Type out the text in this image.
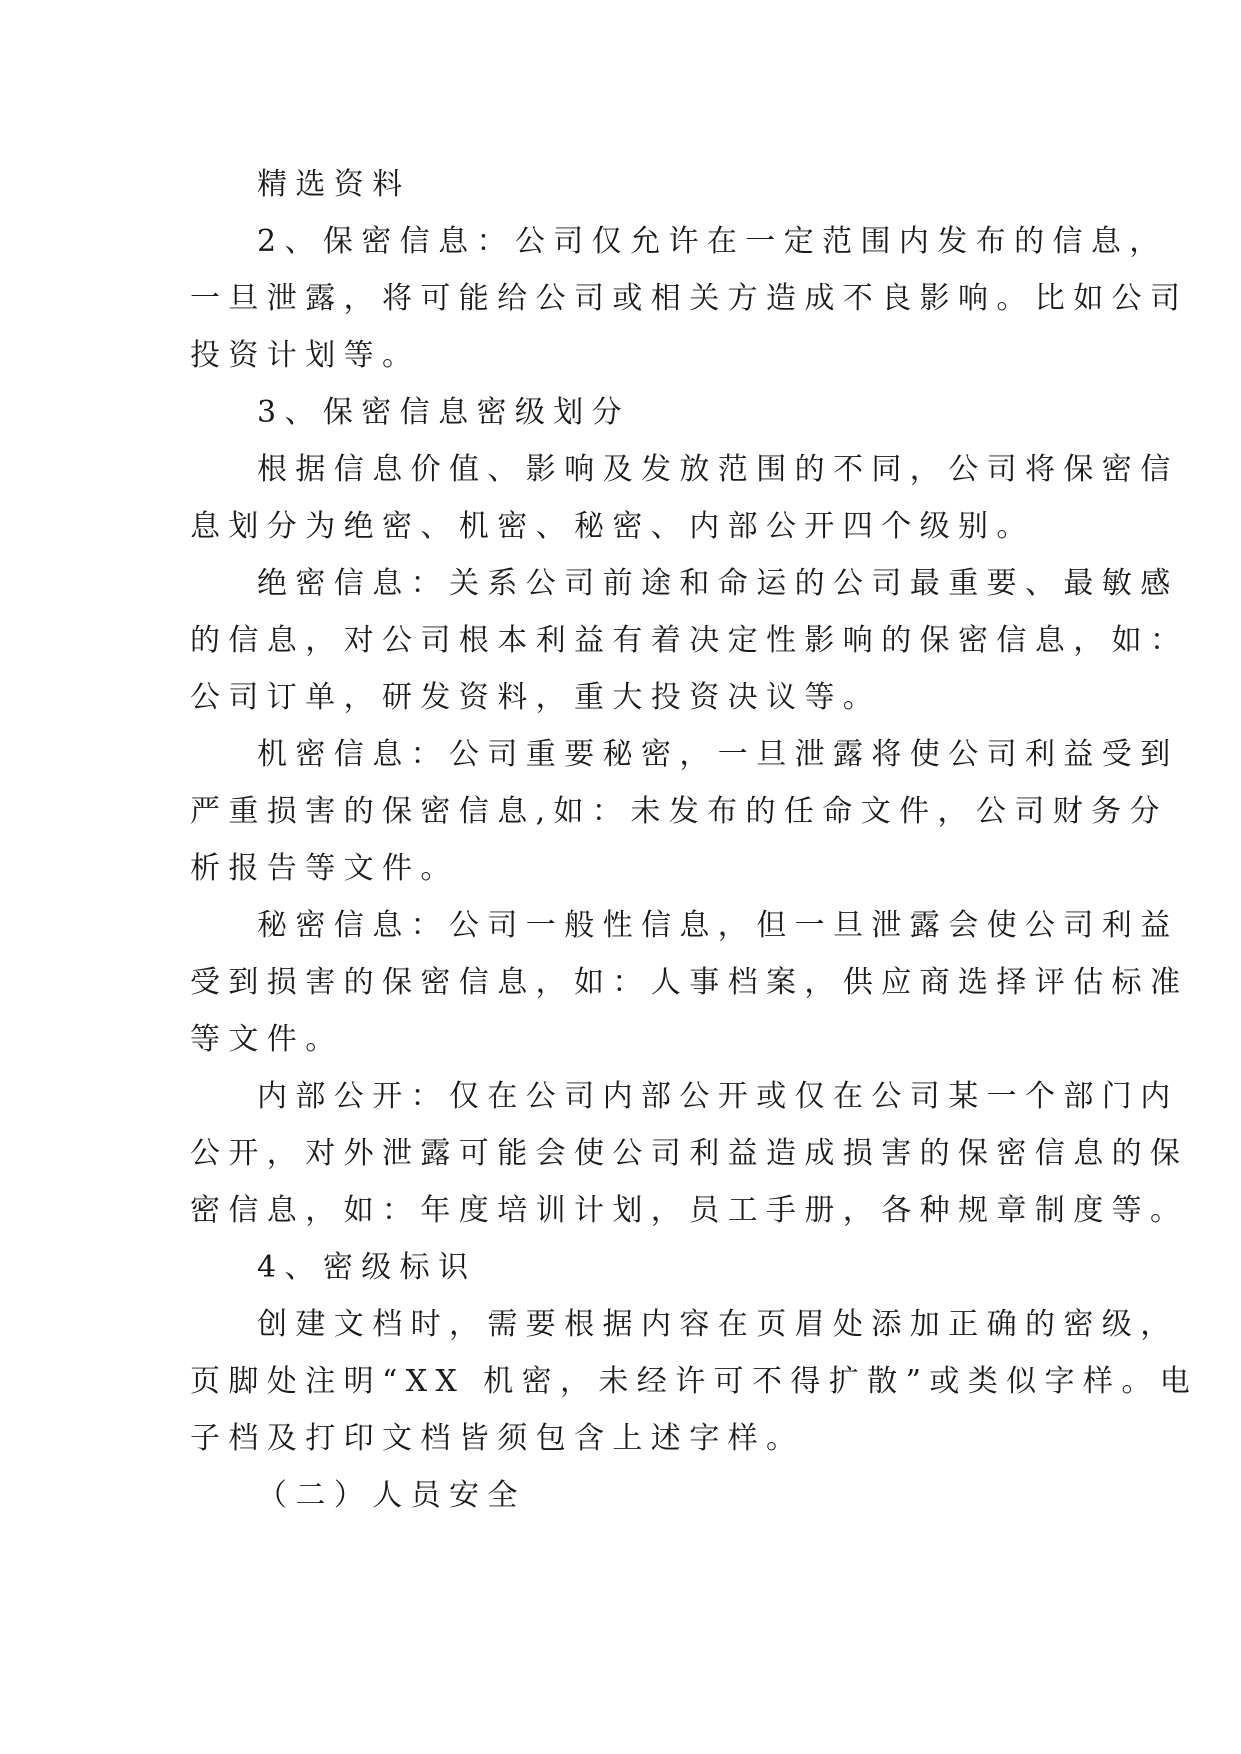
精选资料

2、保密信息：公司仅允许在一定范围内发布的信息，

一旦泄露，将可能给公司或相关方造成不良影响。比如公司

投资计划等。

3、保密信息密级划分

根据信息价值、影响及发放范围的不同，公司将保密信

息划分为绝密、机密、秘密、内部公开四个级别。

绝密信息：关系公司前途和命运的公司最重要、最敏感

的信息，对公司根本利益有着决定性影响的保密信息，如：

公司订单，研发资料，重大投资决议等。

机密信息：公司重要秘密，一旦泄露将使公司利益受到

严重损害的保密信息,如：未发布的任命文件，公司财务分

析报告等文件。

秘密信息：公司一般性信息，但一旦泄露会使公司利益

受到损害的保密信息，如：人事档案，供应商选择评估标准

等文件。

内部公开：仅在公司内部公开或仅在公司某一个部门内

公开，对外泄露可能会使公司利益造成损害的保密信息的保

密信息，如：年度培训计划，员工手册，各种规章制度等。

4、密级标识

创建文档时，需要根据内容在页眉处添加正确的密级，

页脚处注明“XX 机密，未经许可不得扩散”或类似字样。电

子档及打印文档皆须包含上述字样。

（二）人员安全
